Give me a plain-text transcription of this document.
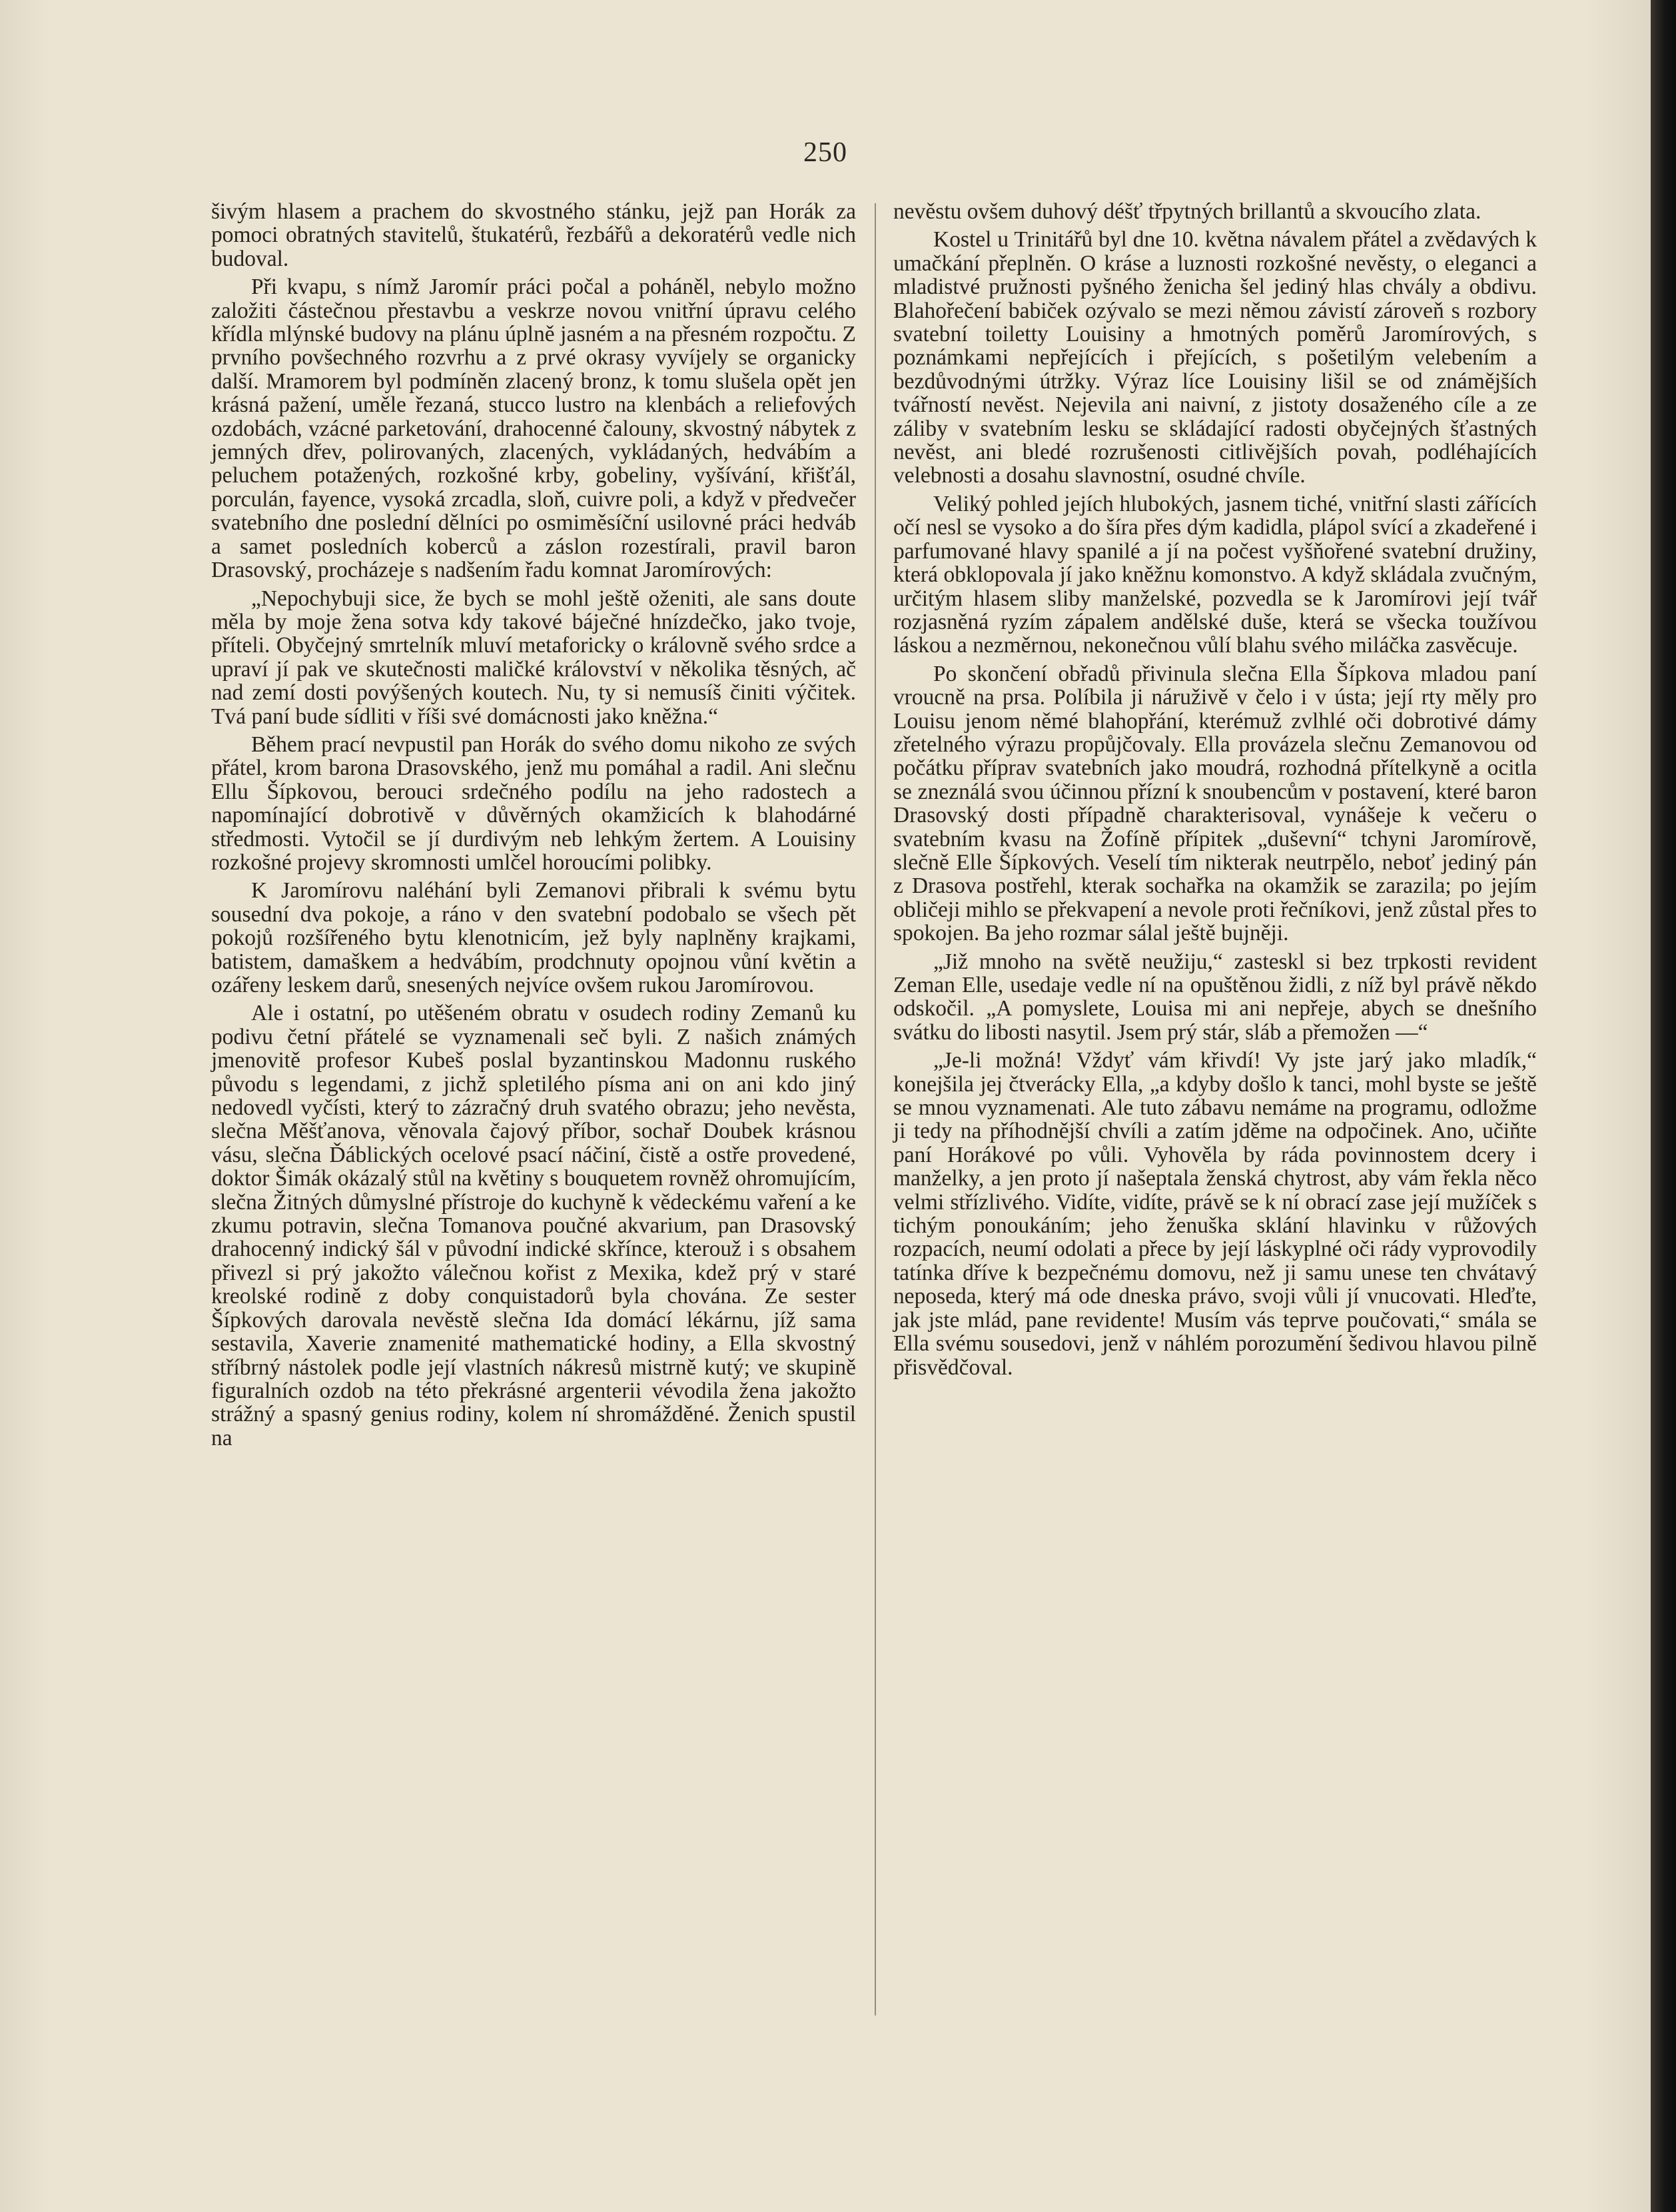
250

šivým hlasem a prachem do skvostného stánku, jejž pan Horák za pomoci obratných stavitelů, štukatérů, řezbářů a dekoratérů vedle nich budoval.

Při kvapu, s nímž Jaromír práci počal a poháněl, nebylo možno založiti částečnou přestavbu a veskrze novou vnitřní úpravu celého křídla mlýnské budovy na plánu úplně jasném a na přesném rozpočtu. Z prvního povšechného rozvrhu a z prvé okrasy vyvíjely se organicky další. Mramorem byl podmíněn zlacený bronz, k tomu slušela opět jen krásná pažení, uměle řezaná, stucco lustro na klenbách a reliefových ozdobách, vzácné parketování, drahocenné čalouny, skvostný nábytek z jemných dřev, polirovaných, zlacených, vykládaných, hedvábím a peluchem potažených, rozkošné krby, gobeliny, vyšívání, křišťál, porculán, fayence, vysoká zrcadla, sloň, cuivre poli, a když v předvečer svatebního dne poslední dělníci po osmiměsíční usilovné práci hedváb a samet posledních koberců a záslon rozestírali, pravil baron Drasovský, procházeje s nadšením řadu komnat Jaromírových:

„Nepochybuji sice, že bych se mohl ještě oženiti, ale sans doute měla by moje žena sotva kdy takové báječné hnízdečko, jako tvoje, příteli. Obyčejný smrtelník mluví metaforicky o královně svého srdce a upraví jí pak ve skutečnosti maličké království v několika těsných, ač nad zemí dosti povýšených koutech. Nu, ty si nemusíš činiti výčitek. Tvá paní bude sídliti v říši své domácnosti jako kněžna.“

Během prací nevpustil pan Horák do svého domu nikoho ze svých přátel, krom barona Drasovského, jenž mu pomáhal a radil. Ani slečnu Ellu Šípkovou, berouci srdečného podílu na jeho radostech a napomínající dobrotivě v důvěrných okamžicích k blahodárné středmosti. Vytočil se jí durdivým neb lehkým žertem. A Louisiny rozkošné projevy skromnosti umlčel horoucími polibky.

K Jaromírovu naléhání byli Zemanovi přibrali k svému bytu sousední dva pokoje, a ráno v den svatební podobalo se všech pět pokojů rozšířeného bytu klenotnicím, jež byly naplněny krajkami, batistem, damaškem a hedvábím, prodchnuty opojnou vůní květin a ozářeny leskem darů, snesených nejvíce ovšem rukou Jaromírovou.

Ale i ostatní, po utěšeném obratu v osudech rodiny Zemanů ku podivu četní přátelé se vyznamenali seč byli. Z našich známých jmenovitě profesor Kubeš poslal byzantinskou Madonnu ruského původu s legendami, z jichž spletilého písma ani on ani kdo jiný nedovedl vyčísti, který to zázračný druh svatého obrazu; jeho nevěsta, slečna Měšťanova, věnovala čajový příbor, sochař Doubek krásnou vásu, slečna Ďáblických ocelové psací náčiní, čistě a ostře provedené, doktor Šimák okázalý stůl na květiny s bouquetem rovněž ohromujícím, slečna Žitných důmyslné přístroje do kuchyně k vědeckému vaření a ke zkumu potravin, slečna Tomanova poučné akvarium, pan Drasovský drahocenný indický šál v původní indické skřínce, kterouž i s obsahem přivezl si prý jakožto válečnou kořist z Mexika, kdež prý v staré kreolské rodině z doby conquistadorů byla chována. Ze sester Šípkových darovala nevěstě slečna Ida domácí lékárnu, jíž sama sestavila, Xaverie znamenité mathematické hodiny, a Ella skvostný stříbrný nástolek podle její vlastních nákresů mistrně kutý; ve skupině figuralních ozdob na této překrásné argenterii vévodila žena jakožto strážný a spasný genius rodiny, kolem ní shromážděné. Ženich spustil na

nevěstu ovšem duhový déšť třpytných brillantů a skvoucího zlata.

Kostel u Trinitářů byl dne 10. května návalem přátel a zvědavých k umačkání přeplněn. O kráse a luznosti rozkošné nevěsty, o eleganci a mladistvé pružnosti pyšného ženicha šel jediný hlas chvály a obdivu. Blahořečení babiček ozývalo se mezi němou závistí zároveň s rozbory svatební toiletty Louisiny a hmotných poměrů Jaromírových, s poznámkami nepřejících i přejících, s pošetilým velebením a bezdůvodnými útržky. Výraz líce Louisiny lišil se od známějších tvářností nevěst. Nejevila ani naivní, z jistoty dosaženého cíle a ze záliby v svatebním lesku se skládající radosti obyčejných šťastných nevěst, ani bledé rozrušenosti citlivějších povah, podléhajících velebnosti a dosahu slavnostní, osudné chvíle.

Veliký pohled jejích hlubokých, jasnem tiché, vnitřní slasti zářících očí nesl se vysoko a do šíra přes dým kadidla, plápol svící a zkadeřené i parfumované hlavy spanilé a jí na počest vyšňořené svatební družiny, která obklopovala jí jako kněžnu komonstvo. A když skládala zvučným, určitým hlasem sliby manželské, pozvedla se k Jaromírovi její tvář rozjasněná ryzím zápalem andělské duše, která se všecka toužívou láskou a nezměrnou, nekonečnou vůlí blahu svého miláčka zasvěcuje.

Po skončení obřadů přivinula slečna Ella Šípkova mladou paní vroucně na prsa. Políbila ji náruživě v čelo i v ústa; její rty měly pro Louisu jenom němé blahopřání, kterémuž zvlhlé oči dobrotivé dámy zřetelného výrazu propůjčovaly. Ella provázela slečnu Zemanovou od počátku příprav svatebních jako moudrá, rozhodná přítelkyně a ocitla se zneználá svou účinnou přízní k snoubencům v postavení, které baron Drasovský dosti případně charakterisoval, vynášeje k večeru o svatebním kvasu na Žofíně přípitek „duševní“ tchyni Jaromírově, slečně Elle Šípkových. Veselí tím nikterak neutrpělo, neboť jediný pán z Drasova postřehl, kterak sochařka na okamžik se zarazila; po jejím obličeji mihlo se překvapení a nevole proti řečníkovi, jenž zůstal přes to spokojen. Ba jeho rozmar sálal ještě bujněji.

„Již mnoho na světě neužiju,“ zasteskl si bez trpkosti revident Zeman Elle, usedaje vedle ní na opuštěnou židli, z níž byl právě někdo odskočil. „A pomyslete, Louisa mi ani nepřeje, abych se dnešního svátku do libosti nasytil. Jsem prý stár, sláb a přemožen —“

„Je-li možná! Vždyť vám křivdí! Vy jste jarý jako mladík,“ konejšila jej čtverácky Ella, „a kdyby došlo k tanci, mohl byste se ještě se mnou vyznamenati. Ale tuto zábavu nemáme na programu, odložme ji tedy na příhodnější chvíli a zatím jděme na odpočinek. Ano, učiňte paní Horákové po vůli. Vyhověla by ráda povinnostem dcery i manželky, a jen proto jí našeptala ženská chytrost, aby vám řekla něco velmi střízlivého. Vidíte, vidíte, právě se k ní obrací zase její mužíček s tichým ponoukáním; jeho ženuška sklání hlavinku v růžových rozpacích, neumí odolati a přece by její láskyplné oči rády vyprovodily tatínka dříve k bezpečnému domovu, než ji samu unese ten chvátavý neposeda, který má ode dneska právo, svoji vůli jí vnucovati. Hleďte, jak jste mlád, pane revidente! Musím vás teprve poučovati,“ smála se Ella svému sousedovi, jenž v náhlém porozumění šedivou hlavou pilně přisvědčoval.
